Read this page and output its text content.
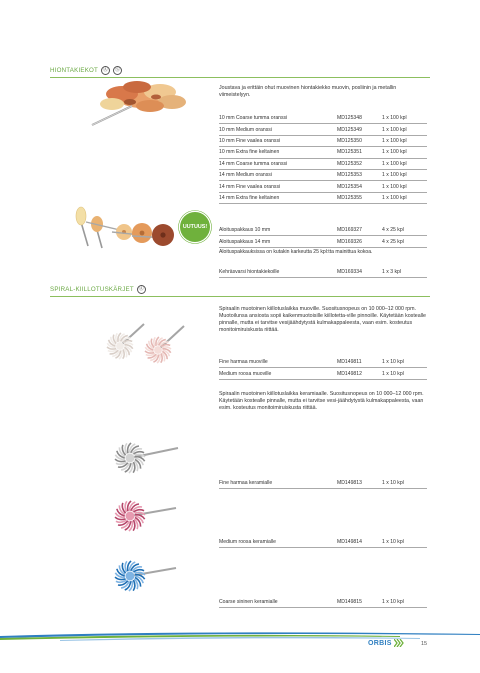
HIONTAKIEKOT Ⓐ	Ⓢ
Joustava ja erittäin ohut muovinen hiontakiekko muovin, posliinin ja metallin viimeistelyyn.
10 mm Coarse tumma oranssi	MD125348	1 x 100 kpl
10 mm Medium oranssi	MD125349	1 x 100 kpl
10 mm Fine vaalea oranssi	MD125350	1 x 100 kpl
10 mm Extra fine keltainen	MD125351	1 x 100 kpl
14 mm Coarse tumma oranssi	MD125352	1 x 100 kpl
14 mm Medium oranssi	MD125353	1 x 100 kpl
14 mm Fine vaalea oranssi	MD125354	1 x 100 kpl
14 mm Extra fine keltainen	MD125355	1 x 100 kpl
UUTUUS!
Aloituspakkaus 10 mm	MD169327	4 x 25 kpl
Aloituspakkaus 14 mm	MD169326	4 x 25 kpl
Aloituspakkauksissa on kutakin karkeutta 25 kpl:tta mainittua kokoa.
Kehräsvarsi hiontakiekoille	MD169334	1 x 3 kpl
SPIRAL-KIILLOTUSKÄRJET Ⓐ
Spiraalin muotoinen kiillotuslaikka muoville. Suositusnopeus on 10 000–12 000 rpm. Muotoilunsa ansiosta sopii kaikenmuotoisille kiillotetta-ville pinnoille. Käytetään kostealle pinnalle, mutta ei tarvitse vesijäähdytystä kulmakappaleesta, vaan esim. kosteutus monitoimiruiskusta riittää.
Fine harmaa muoville	MD149811	1 x 10 kpl
Medium roosa muoville	MD149812	1 x 10 kpl
Spiraalin muotoinen kiillotuslaikka keramiaalle. Suositusnopeus on 10 000–12 000 rpm. Käytetään kostealle pinnalle, mutta ei tarvitse vesi-jäähdytystä kulmakappaleesta, vaan esim. kosteutus monitoimiruiskusta riittää.
Fine harmaa keramialle	MD149813	1 x 10 kpl
Medium roosa keramialle	MD149814	1 x 10 kpl
Coarse sininen keramialle	MD149815	1 x 10 kpl
ORBIS	15
